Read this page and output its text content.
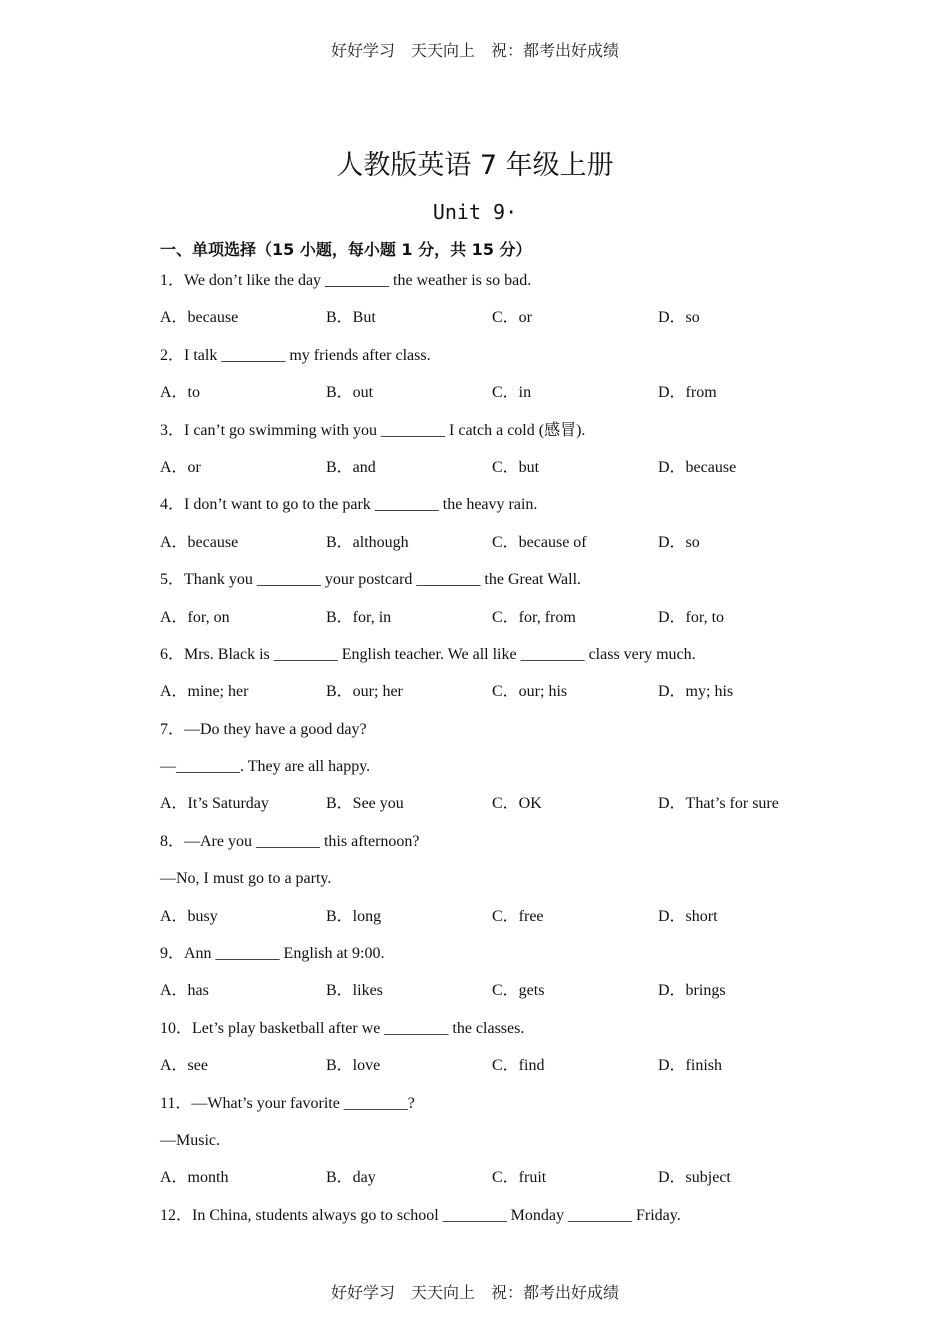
好好学习　天天向上　祝：都考出好成绩
人教版英语 7 年级上册
Unit 9·
一、单项选择（15 小题，每小题 1 分，共 15 分）
1．We don’t like the day ________ the weather is so bad.
A．because	B．But	C．or	D．so
2．I talk ________ my friends after class.
A．to	B．out	C．in	D．from
3．I can’t go swimming with you ________ I catch a cold (感冒).
A．or	B．and	C．but	D．because
4．I don’t want to go to the park ________ the heavy rain.
A．because	B．although	C．because of	D．so
5．Thank you ________ your postcard ________ the Great Wall.
A．for, on	B．for, in	C．for, from	D．for, to
6．Mrs. Black is ________ English teacher. We all like ________ class very much.
A．mine; her	B．our; her	C．our; his	D．my; his
7．—Do they have a good day?
—________. They are all happy.
A．It’s Saturday	B．See you	C．OK	D．That’s for sure
8．—Are you ________ this afternoon?
—No, I must go to a party.
A．busy	B．long	C．free	D．short
9．Ann ________ English at 9:00.
A．has	B．likes	C．gets	D．brings
10．Let’s play basketball after we ________ the classes.
A．see	B．love	C．find	D．finish
11．—What’s your favorite ________?
—Music.
A．month	B．day	C．fruit	D．subject
12．In China, students always go to school ________ Monday ________ Friday.
好好学习　天天向上　祝：都考出好成绩
